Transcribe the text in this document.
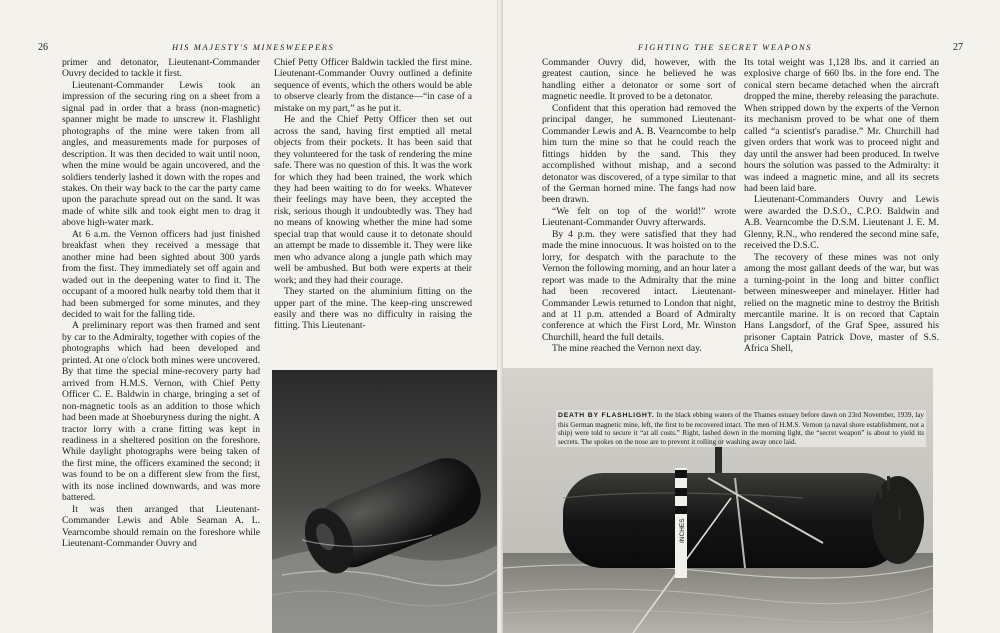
26	HIS MAJESTY'S MINESWEEPERS

primer and detonator, Lieutenant-Commander Ouvry decided to tackle it first.

Lieutenant-Commander Lewis took an impression of the securing ring on a sheet from a signal pad in order that a brass (non-magnetic) spanner might be made to unscrew it. Flashlight photographs of the mine were taken from all angles, and measurements made for purposes of description. It was then decided to wait until noon, when the mine would be again uncovered, and the soldiers tenderly lashed it down with the ropes and stakes. On their way back to the car the party came upon the parachute spread out on the sand. It was made of white silk and took eight men to drag it above high-water mark.

At 6 a.m. the Vernon officers had just finished breakfast when they received a message that another mine had been sighted about 300 yards from the first. They immediately set off again and waded out in the deepening water to find it. The occupant of a moored hulk nearby told them that it had been submerged for some minutes, and they decided to wait for the falling tide.

A preliminary report was then framed and sent by car to the Admiralty, together with copies of the photographs which had been developed and printed. At one o'clock both mines were uncovered. By that time the special mine-recovery party had arrived from H.M.S. Vernon, with Chief Petty Officer C. E. Baldwin in charge, bringing a set of non-magnetic tools as an addition to those which had been made at Shoeburyness during the night. A tractor lorry with a crane fitting was kept in readiness in a sheltered position on the foreshore. While daylight photographs were being taken of the first mine, the officers examined the second; it was found to be on a different slew from the first, with its nose inclined downwards, and was more battered.

It was then arranged that Lieutenant-Commander Lewis and Able Seaman A. L. Vearncombe should remain on the foreshore while Lieutenant-Commander Ouvry and

Chief Petty Officer Baldwin tackled the first mine. Lieutenant-Commander Ouvry outlined a definite sequence of events, which the others would be able to observe clearly from the distance—“in case of a mistake on my part,” as he put it.

He and the Chief Petty Officer then set out across the sand, having first emptied all metal objects from their pockets. It has been said that they volunteered for the task of rendering the mine safe. There was no question of this. It was the work for which they had been trained, the work which they had been waiting to do for weeks. Whatever their feelings may have been, they accepted the risk, serious though it undoubtedly was. They had no means of knowing whether the mine had some special trap that would cause it to detonate should an attempt be made to dissemble it. They were like men who advance along a jungle path which may well be ambushed. But both were experts at their work; and they had their courage.

They started on the aluminium fitting on the upper part of the mine. The keep-ring unscrewed easily and there was no difficulty in raising the fitting. This Lieutenant-

FIGHTING THE SECRET WEAPONS	27

Commander Ouvry did, however, with the greatest caution, since he believed he was handling either a detonator or some sort of magnetic needle. It proved to be a detonator.

Confident that this operation had removed the principal danger, he summoned Lieutenant-Commander Lewis and A. B. Vearncombe to help him turn the mine so that he could reach the fittings hidden by the sand. This they accomplished without mishap, and a second detonator was discovered, of a type similar to that of the German horned mine. The fangs had now been drawn.

“We felt on top of the world!” wrote Lieutenant-Commander Ouvry afterwards.

By 4 p.m. they were satisfied that they had made the mine innocuous. It was hoisted on to the lorry, for despatch with the parachute to the Vernon the following morning, and an hour later a report was made to the Admiralty that the mine had been recovered intact. Lieutenant-Commander Lewis returned to London that night, and at 11 p.m. attended a Board of Admiralty conference at which the First Lord, Mr. Winston Churchill, heard the full details.

The mine reached the Vernon next day.

Its total weight was 1,128 lbs. and it carried an explosive charge of 660 lbs. in the fore end. The conical stern became detached when the aircraft dropped the mine, thereby releasing the parachute. When stripped down by the experts of the Vernon its mechanism proved to be what one of them called “a scientist's paradise.” Mr. Churchill had given orders that work was to proceed night and day until the answer had been produced. In twelve hours the solution was passed to the Admiralty: it was indeed a magnetic mine, and all its secrets had been laid bare.

Lieutenant-Commanders Ouvry and Lewis were awarded the D.S.O., C.P.O. Baldwin and A.B. Vearncombe the D.S.M. Lieutenant J. E. M. Glenny, R.N., who rendered the second mine safe, received the D.S.C.

The recovery of these mines was not only among the most gallant deeds of the war, but was a turning-point in the long and bitter conflict between minesweeper and minelayer. Hitler had relied on the magnetic mine to destroy the British mercantile marine. It is on record that Captain Hans Langsdorf, of the Graf Spee, assured his prisoner Captain Patrick Dove, master of S.S. Africa Shell,

INCHES
DEATH BY FLASHLIGHT. In the black ebbing waters of the Thames estuary before dawn on 23rd November, 1939, lay this German magnetic mine, left, the first to be recovered intact. The men of H.M.S. Vernon (a naval shore establishment, not a ship) were told to secure it “at all costs.” Right, lashed down in the morning light, the “secret weapon” is about to yield its secrets. The spokes on the nose are to prevent it rolling or washing away once laid.
